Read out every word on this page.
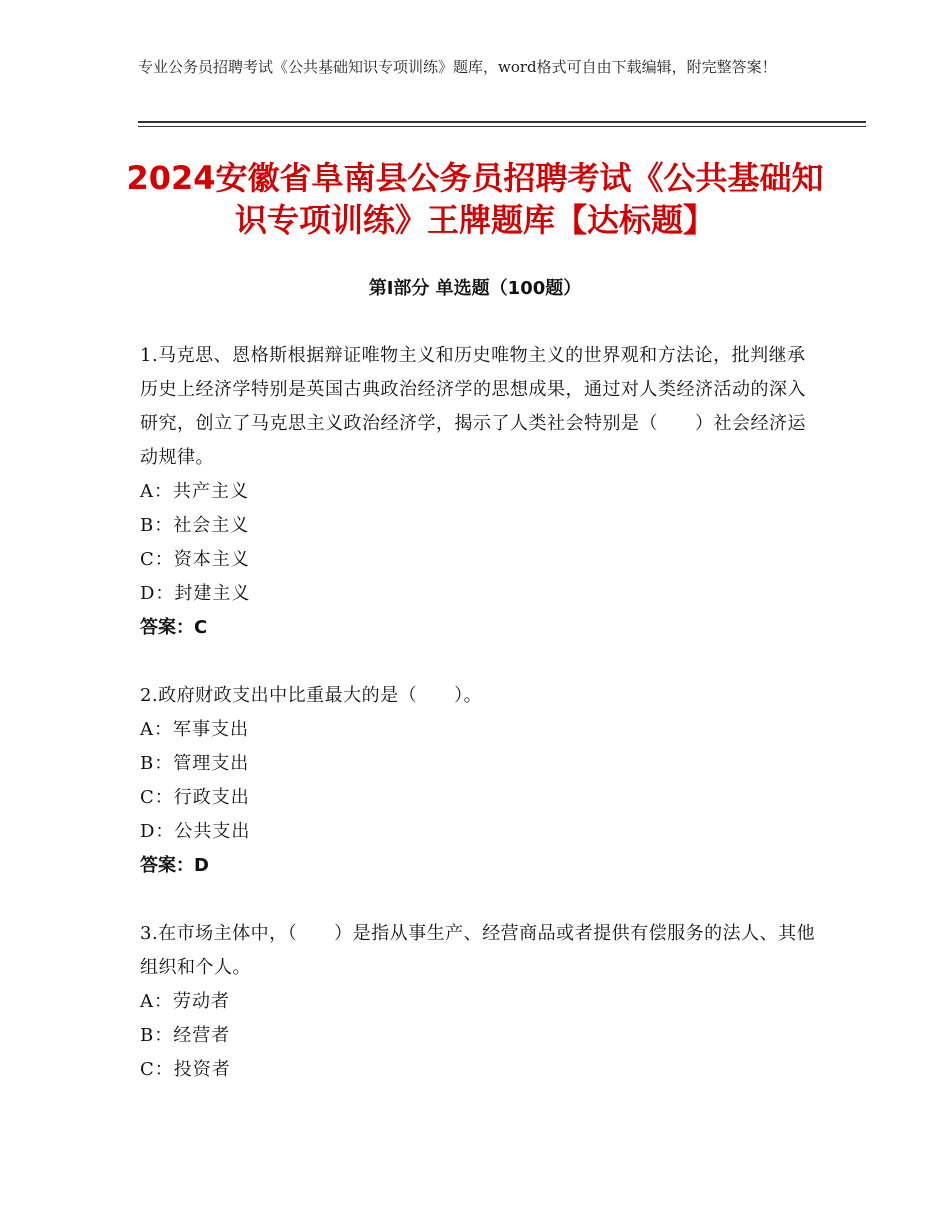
专业公务员招聘考试《公共基础知识专项训练》题库，word格式可自由下载编辑，附完整答案！
2024安徽省阜南县公务员招聘考试《公共基础知识专项训练》王牌题库【达标题】
第Ⅰ部分 单选题（100题）

1.马克思、恩格斯根据辩证唯物主义和历史唯物主义的世界观和方法论，批判继承历史上经济学特别是英国古典政治经济学的思想成果，通过对人类经济活动的深入研究，创立了马克思主义政治经济学，揭示了人类社会特别是（　　）社会经济运动规律。

A：共产主义

B：社会主义

C：资本主义

D：封建主义

答案：C

2.政府财政支出中比重最大的是（　　）。

A：军事支出

B：管理支出

C：行政支出

D：公共支出

答案：D

3.在市场主体中，（　　）是指从事生产、经营商品或者提供有偿服务的法人、其他组织和个人。

A：劳动者

B：经营者

C：投资者
